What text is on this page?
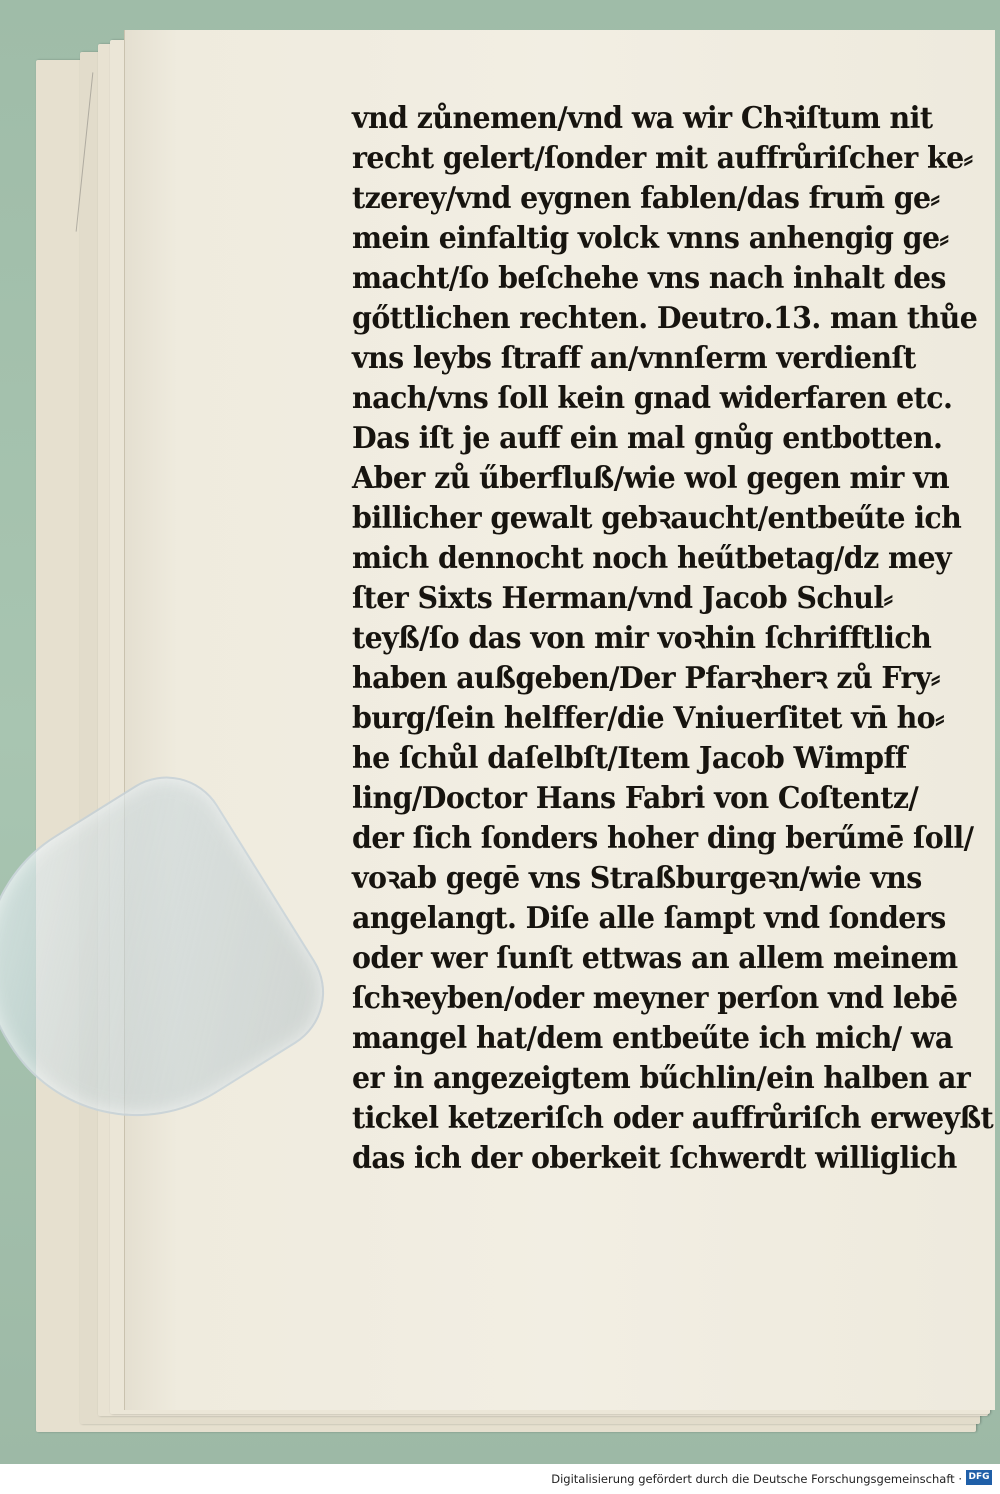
vnd zůnemen/vnd wa wir Chꝛiſtum nit
recht gelert/ſonder mit auffrůriſcher ke⸗
tzerey/vnd eygnen fablen/das frum̄ ge⸗
mein einfaltig volck vnns anhengig ge⸗
macht/ſo beſchehe vns nach inhalt des
gőttlichen rechten. Deutro.13. man thůe
vns leybs ſtraff an/vnnſerm verdienſt
nach/vns ſoll kein gnad widerfaren etc.
Das iſt je auff ein mal gnůg entbotten.
Aber zů űberfluß/wie wol gegen mir vn
billicher gewalt gebꝛaucht/entbeűte ich
mich dennocht noch heűtbetag/dz mey
ſter Sixts Herman/vnd Jacob Schul⸗
teyß/ſo das von mir voꝛhin ſchrifftlich
haben außgeben/Der Pfarꝛherꝛ zů Fry⸗
burg/ſein helffer/die Vniuerſitet vn̄ ho⸗
he ſchůl daſelbſt/Item Jacob Wimpff
ling/Doctor Hans Fabri von Coſtentz/
der ſich ſonders hoher ding berűmē ſoll/
voꝛab gegē vns Straßburgeꝛn/wie vns
angelangt. Diſe alle ſampt vnd ſonders
oder wer ſunſt ettwas an allem meinem
ſchꝛeyben/oder meyner perſon vnd lebē
mangel hat/dem entbeűte ich mich/ wa
er in angezeigtem bűchlin/ein halben ar
tickel ketzeriſch oder auffrůriſch erweyßt
das ich der oberkeit ſchwerdt williglich
Digitalisierung gefördert durch die Deutsche Forschungsgemeinschaft · DFG
